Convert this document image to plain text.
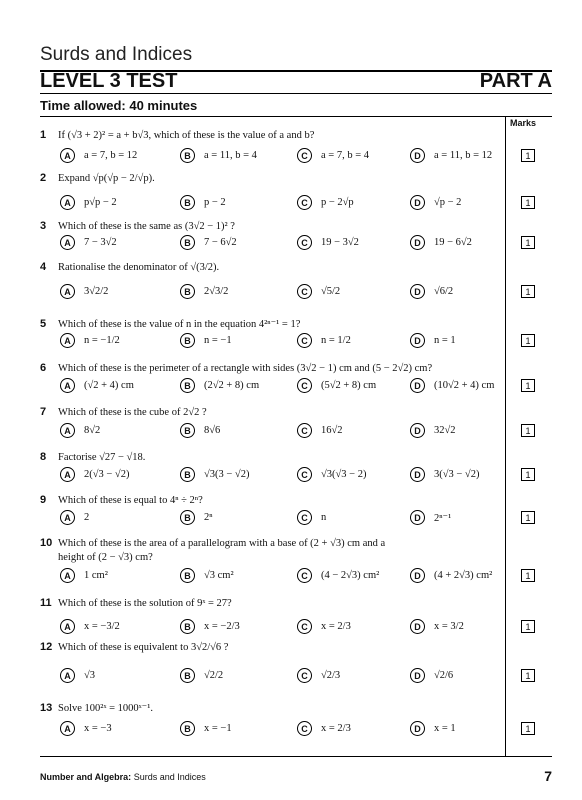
Surds and Indices
LEVEL 3 TEST	PART A
Time allowed: 40 minutes
Marks
1 If (√3 + 2)² = a + b√3, which of these is the value of a and b?
A	a = 7, b = 12	B	a = 11, b = 4	C	a = 7, b = 4	D	a = 11, b = 12
2 Expand √p(√p − 2/√p).
A	p√p − 2	B	p − 2	C	p − 2√p	D	√p − 2
3 Which of these is the same as (3√2 − 1)² ?
A	7 − 3√2	B	7 − 6√2	C	19 − 3√2	D	19 − 6√2
4 Rationalise the denominator of √(3/2).
A	3√2/2	B	2√3/2	C	√5/2	D	√6/2
5 Which of these is the value of n in the equation 4²ⁿ⁻¹ = 1?
A	n = −1/2	B	n = −1	C	n = 1/2	D	n = 1
6 Which of these is the perimeter of a rectangle with sides (3√2 − 1) cm and (5 − 2√2) cm?
A	(√2 + 4) cm	B	(2√2 + 8) cm	C	(5√2 + 8) cm	D	(10√2 + 4) cm
7 Which of these is the cube of 2√2 ?
A	8√2	B	8√6	C	16√2	D	32√2
8 Factorise √27 − √18.
A	2(√3 − √2)	B	√3(3 − √2)	C	√3(√3 − 2)	D	3(√3 − √2)
9 Which of these is equal to 4ⁿ ÷ 2ⁿ?
A	2	B	2ⁿ	C	n	D	2ⁿ⁻¹
10 Which of these is the area of a parallelogram with a base of (2 + √3) cm and a
height of (2 − √3) cm?
A	1 cm²	B	√3 cm²	C	(4 − 2√3) cm²	D	(4 + 2√3) cm²
11 Which of these is the solution of 9ˣ = 27?
A	x = −3/2	B	x = −2/3	C	x = 2/3	D	x = 3/2
12 Which of these is equivalent to 3√2/√6 ?
A	√3	B	√2/2	C	√2/3	D	√2/6
13 Solve 100²ˣ = 1000ˣ⁻¹.
A	x = −3	B	x = −1	C	x = 2/3	D	x = 1
Number and Algebra: Surds and Indices	7
1
1
1
1
1
1
1
1
1
1
1
1
1
